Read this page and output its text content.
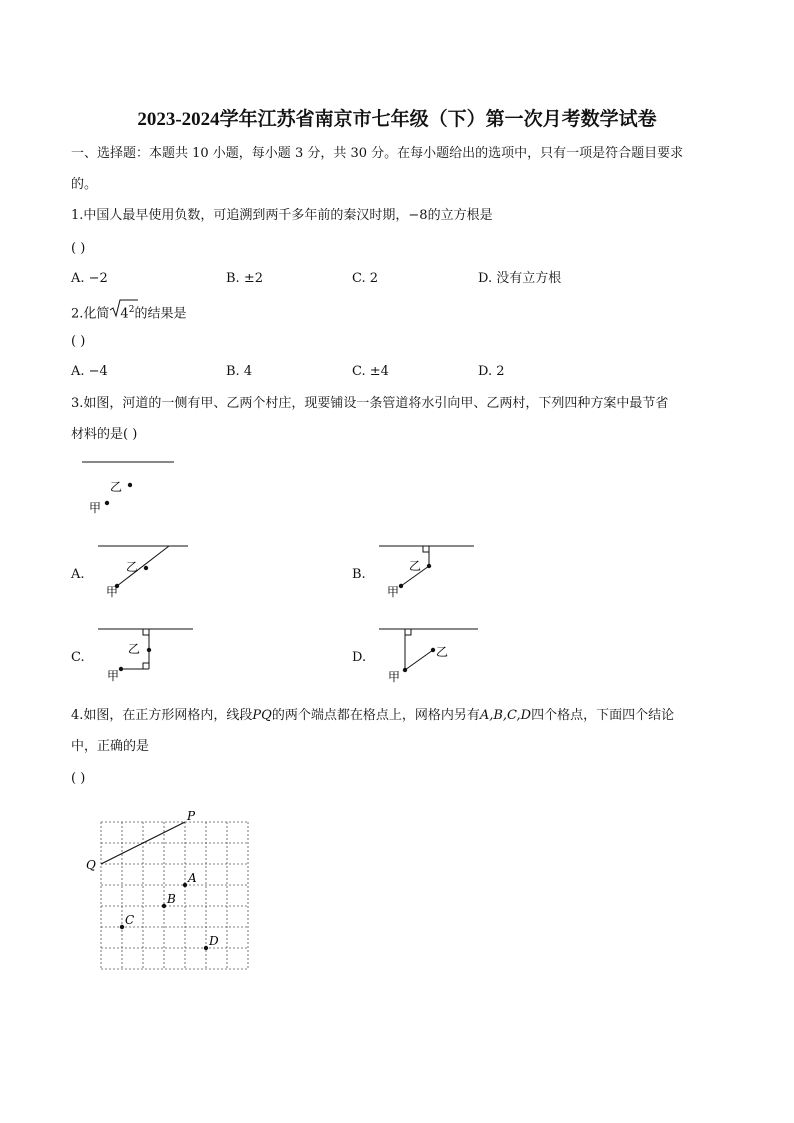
2023-2024学年江苏省南京市七年级（下）第一次月考数学试卷
一、选择题：本题共 10 小题，每小题 3 分，共 30 分。在每小题给出的选项中，只有一项是符合题目要求
的。
1.中国人最早使用负数，可追溯到两千多年前的秦汉时期，−8的立方根是
( )
A. −2	B. ±2	C. 2	D. 没有立方根
2.化简 $4^2$的结果是
( )
A. −4	B. 4	C. ±4	D. 2
3.如图，河道的一侧有甲、乙两个村庄，现要铺设一条管道将水引向甲、乙两村，下列四种方案中最节省
材料的是( )
乙
甲
A.	乙
甲
B.
乙
甲
C.
乙
甲
D.	乙
甲
4.如图，在正方形网格内，线段PQ的两个端点都在格点上，网格内另有A,B,C,D四个格点，下面四个结论
中，正确的是
( )
P
Q
A
B
C
D
